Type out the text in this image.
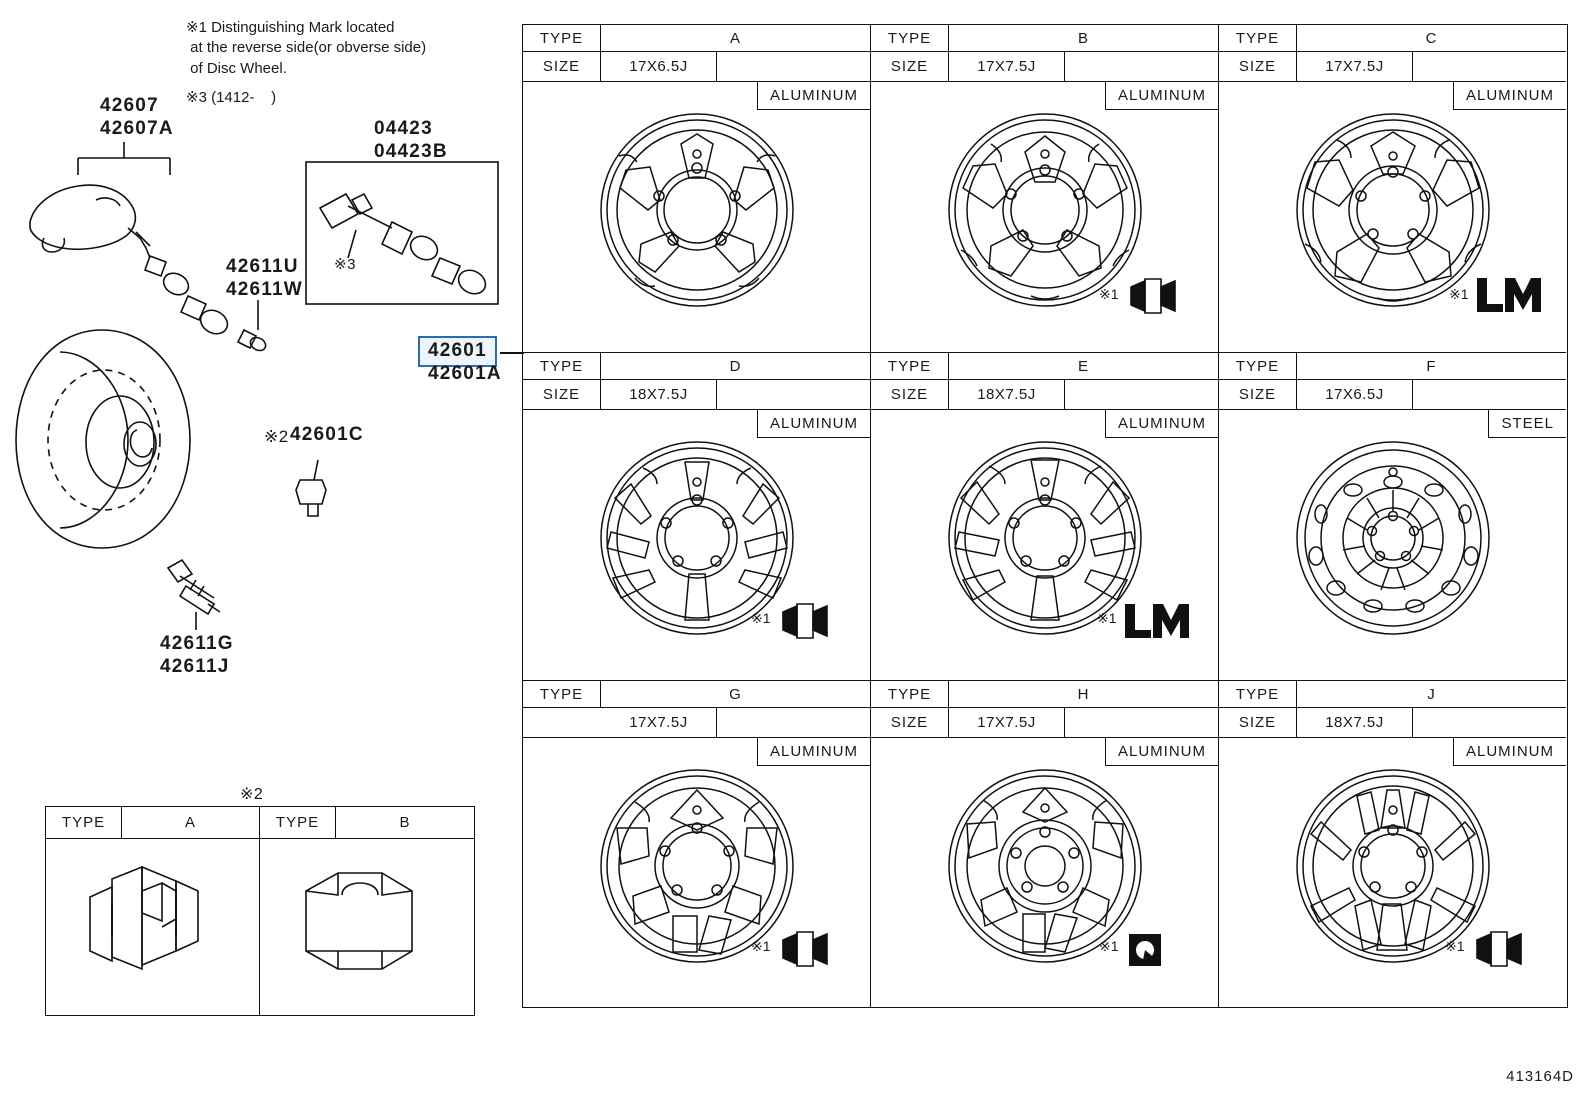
※1 Distinguishing Mark located
at the reverse side(or obverse side)
of Disc Wheel.
※3 (1412-    )
42607
42607A	04423
04423B
※3
42611U
42611W
42601
42601A
※2 42601C
42611G
42611J
※2
TYPE	A	TYPE	B
TYPE	A
SIZE	17X6.5J
ALUMINUM
TYPE	B
SIZE	17X7.5J
ALUMINUM
※1
TYPE	C
SIZE	17X7.5J
ALUMINUM
※1
TYPE	D
SIZE	18X7.5J
ALUMINUM
※1
TYPE	E
SIZE	18X7.5J
ALUMINUM
※1
TYPE	F
SIZE	17X6.5J
STEEL
TYPE	G
17X7.5J
ALUMINUM
※1
TYPE	H
SIZE	17X7.5J
ALUMINUM
※1
TYPE	J
SIZE	18X7.5J
ALUMINUM
※1
413164D
